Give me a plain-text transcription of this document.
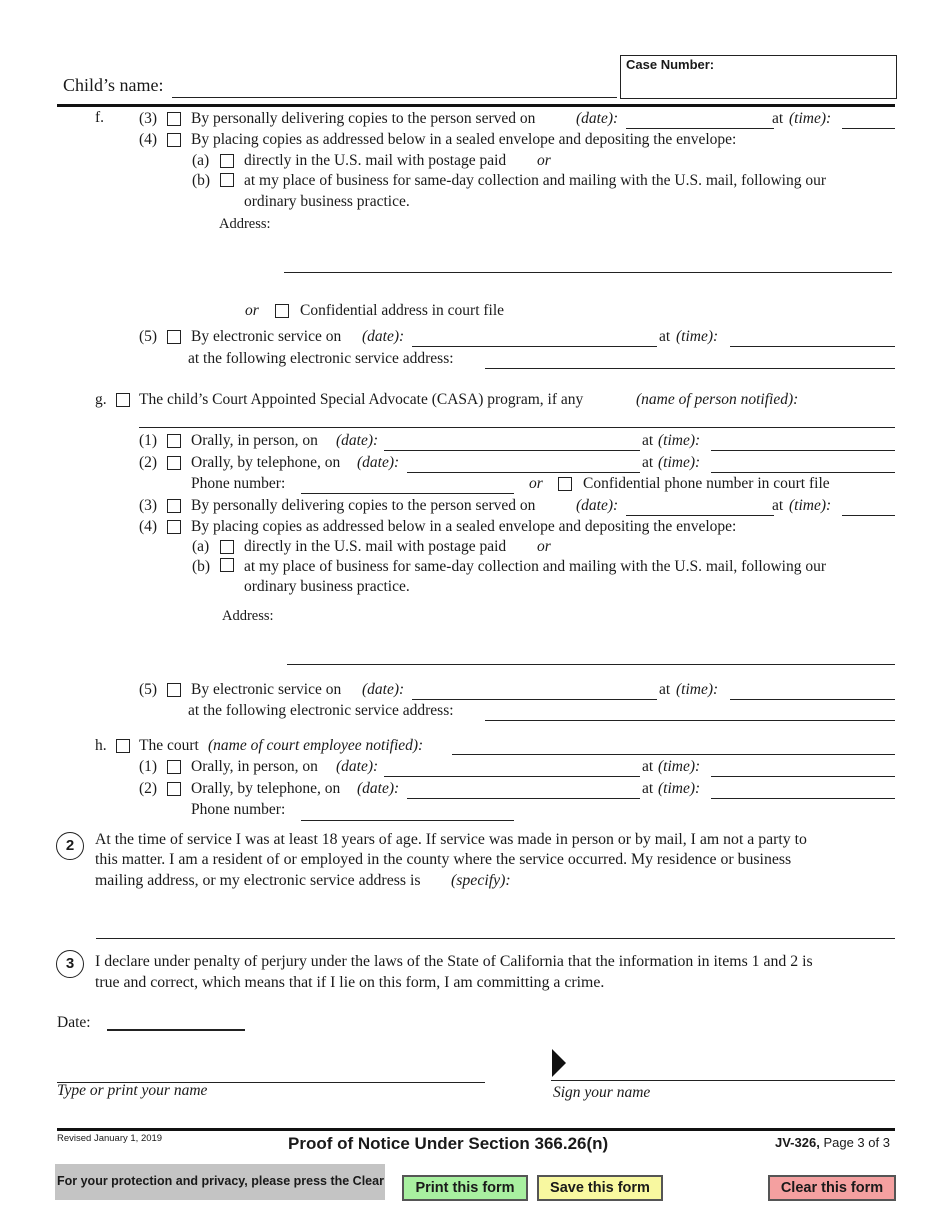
Case Number:
Child’s name:
f. (3) By personally delivering copies to the person served on	(date):	at (time):
(4) By placing copies as addressed below in a sealed envelope and depositing the envelope:
(a) directly in the U.S. mail with postage paid or
(b) at my place of business for same-day collection and mailing with the U.S. mail, following our
ordinary business practice.
Address:
or	Confidential address in court file
(5) By electronic service on (date):	at (time):
at the following electronic service address:
g. The child’s Court Appointed Special Advocate (CASA) program, if any	(name of person notified):
(1) Orally, in person, on (date):	at (time):
(2) Orally, by telephone, on (date):	at (time):
Phone number:	or	Confidential phone number in court file
(3) By personally delivering copies to the person served on	(date):	at (time):
(4) By placing copies as addressed below in a sealed envelope and depositing the envelope:
(a) directly in the U.S. mail with postage paid or
(b) at my place of business for same-day collection and mailing with the U.S. mail, following our
ordinary business practice.
Address:
(5) By electronic service on (date):	at (time):
at the following electronic service address:
h. The court (name of court employee notified):
(1) Orally, in person, on (date):	at (time):
(2) Orally, by telephone, on (date):	at (time):
Phone number:
2	At the time of service I was at least 18 years of age. If service was made in person or by mail, I am not a party to
this matter. I am a resident of or employed in the county where the service occurred. My residence or business
mailing address, or my electronic service address is (specify):
3	I declare under penalty of perjury under the laws of the State of California that the information in items 1 and 2 is
true and correct, which means that if I lie on this form, I am committing a crime.
Date:
Type or print your name	Sign your name
Revised January 1, 2019	Proof of Notice Under Section 366.26(n)	JV-326, Page 3 of 3
For your protection and privacy, please press the Clear	Print this form	Save this form	Clear this form
